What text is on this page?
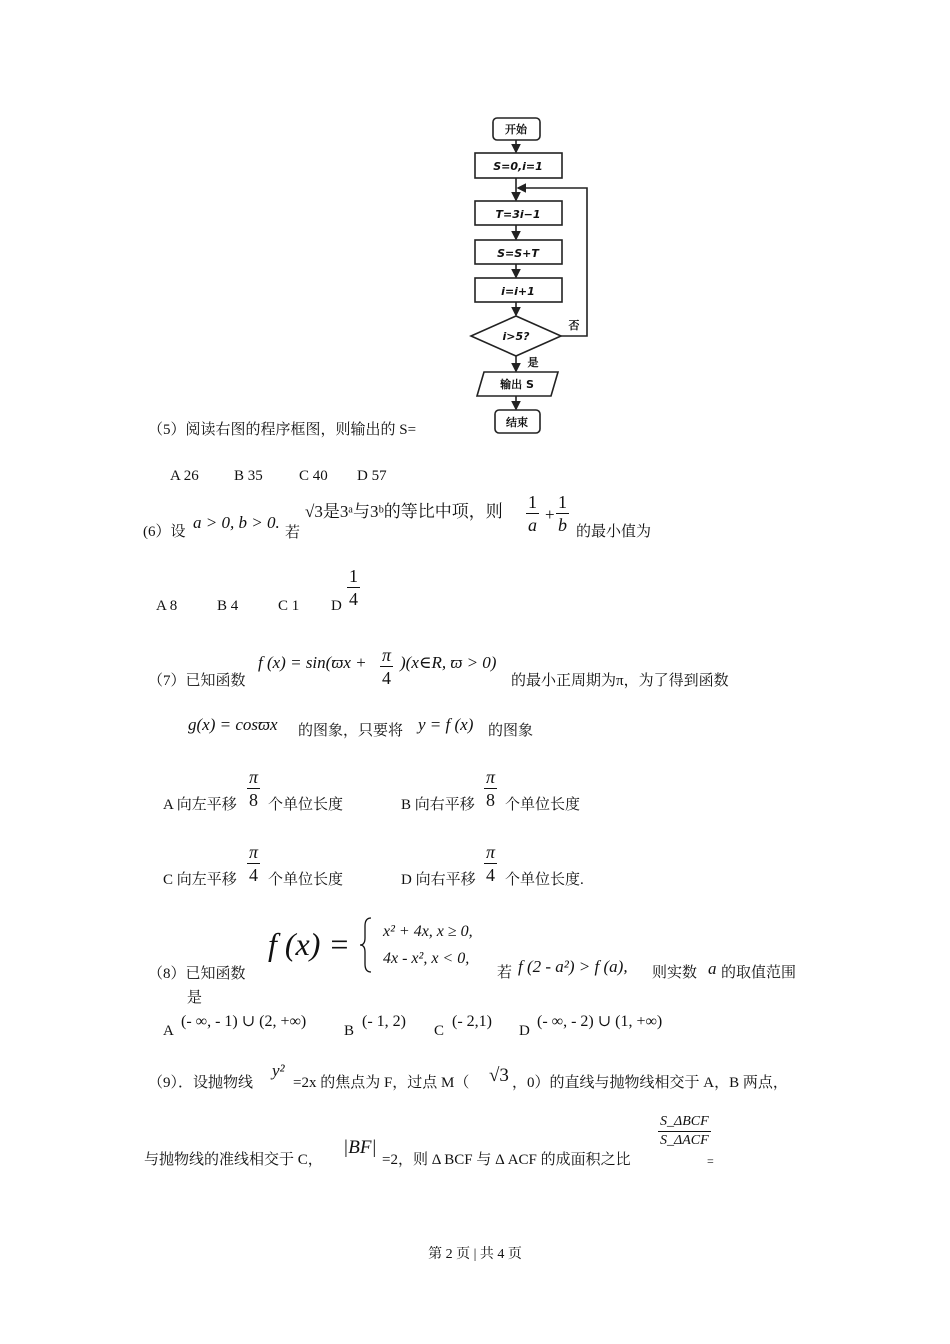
开始
S=0,i=1
T=3i−1
S=S+T
i=i+1
i>5?
否
是
输出 S
结束
（5）阅读右图的程序框图，则输出的 S=
A 26 B 35 C 40 D 57
(6）设 a > 0, b > 0.
若
√3是3ᵃ与3ᵇ的等比中项，则 $\frac{1}{a} + \frac{1}{b}$ 的最小值为
A 8	B 4	C 1 D $\frac{1}{4}$
（7）已知函数
f $(x) = \sin(ϖx + \frac{\pi}{4}$ )(x∈R, ϖ > 0)
的最小正周期为π，为了得到函数
g(x) = cosϖx 的图象，只要将 y = f (x) 的图象
A 向左平移 $\frac{\pi}{8}$ 个单位长度	B 向右平移 $\frac{\pi}{8}$ 个单位长度
C 向左平移 $\frac{\pi}{4}$ 个单位长度	D 向右平移 $\frac{\pi}{4}$ 个单位长度.
（8）已知函数
f (x) = x² + 4x, x ≥ 0,
4x - x², x < 0,
若 f (2 - a²) > f (a), 则实数 a 的取值范围
是
A
(- ∞, - 1) ∪ (2, +∞)
B
(- 1, 2)
C
(- 2,1)
D
(- ∞, - 2) ∪ (1, +∞)
（9）．设抛物线
y²
=2x 的焦点为 F，过点 M（ √3 ，0）的直线与抛物线相交于 A，B 两点，
与抛物线的准线相交于 C，
|BF|
=2，则 Δ BCF 与 Δ ACF 的成面积之比
S_ΔBCF
S_ΔACF
=
第 2 页 | 共 4 页
